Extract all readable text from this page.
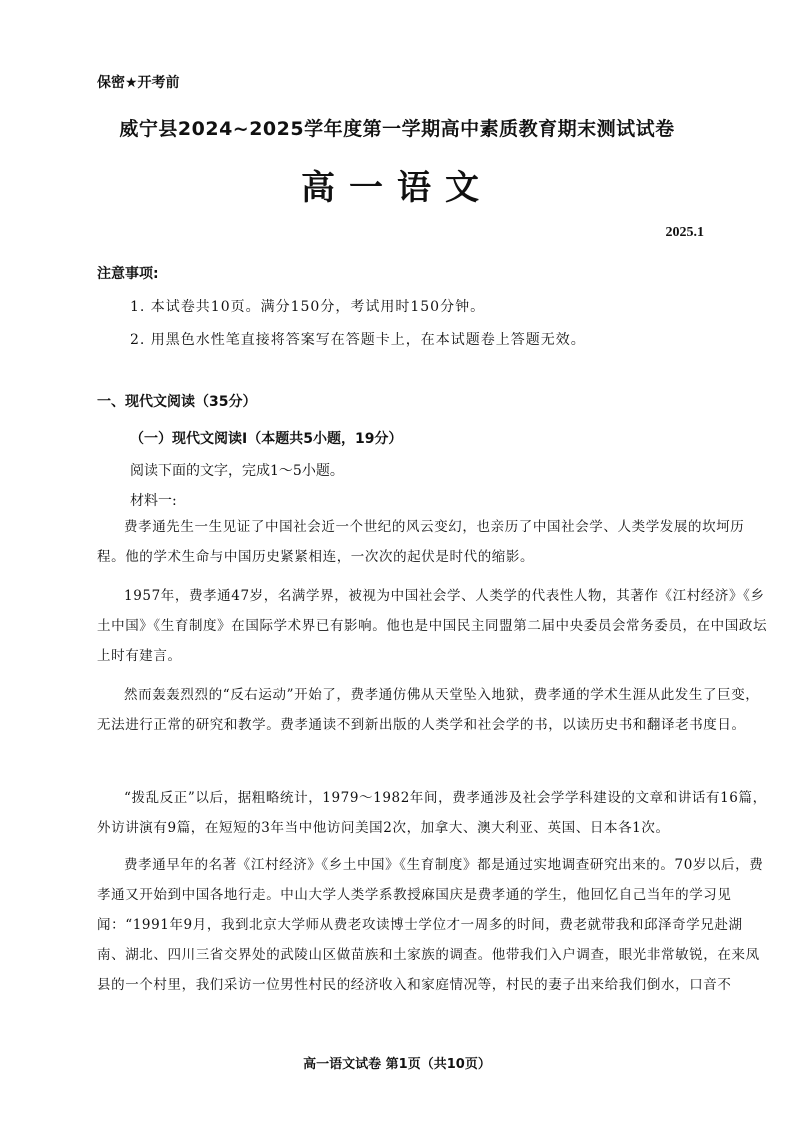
保密★开考前
威宁县2024~2025学年度第一学期高中素质教育期末测试试卷
高一语文
2025.1
注意事项:
1. 本试卷共10页。满分150分，考试用时150分钟。
2. 用黑色水性笔直接将答案写在答题卡上，在本试题卷上答题无效。
一、现代文阅读（35分）
（一）现代文阅读Ⅰ（本题共5小题，19分）
阅读下面的文字，完成1～5小题。
材料一:

费孝通先生一生见证了中国社会近一个世纪的风云变幻，也亲历了中国社会学、人类学发展的坎坷历程。他的学术生命与中国历史紧紧相连，一次次的起伏是时代的缩影。

1957年，费孝通47岁，名满学界，被视为中国社会学、人类学的代表性人物，其著作《江村经济》《乡土中国》《生育制度》在国际学术界已有影响。他也是中国民主同盟第二届中央委员会常务委员，在中国政坛上时有建言。

然而轰轰烈烈的“反右运动”开始了，费孝通仿佛从天堂坠入地狱，费孝通的学术生涯从此发生了巨变，无法进行正常的研究和教学。费孝通读不到新出版的人类学和社会学的书，以读历史书和翻译老书度日。

“拨乱反正”以后，据粗略统计，1979～1982年间，费孝通涉及社会学学科建设的文章和讲话有16篇，外访讲演有9篇，在短短的3年当中他访问美国2次，加拿大、澳大利亚、英国、日本各1次。

费孝通早年的名著《江村经济》《乡土中国》《生育制度》都是通过实地调查研究出来的。70岁以后，费孝通又开始到中国各地行走。中山大学人类学系教授麻国庆是费孝通的学生，他回忆自己当年的学习见闻：“1991年9月，我到北京大学师从费老攻读博士学位才一周多的时间，费老就带我和邱泽奇学兄赴湖南、湖北、四川三省交界处的武陵山区做苗族和土家族的调查。他带我们入户调查，眼光非常敏锐，在来凤县的一个村里，我们采访一位男性村民的经济收入和家庭情况等，村民的妻子出来给我们倒水，口音不

高一语文试卷 第1页（共10页）
